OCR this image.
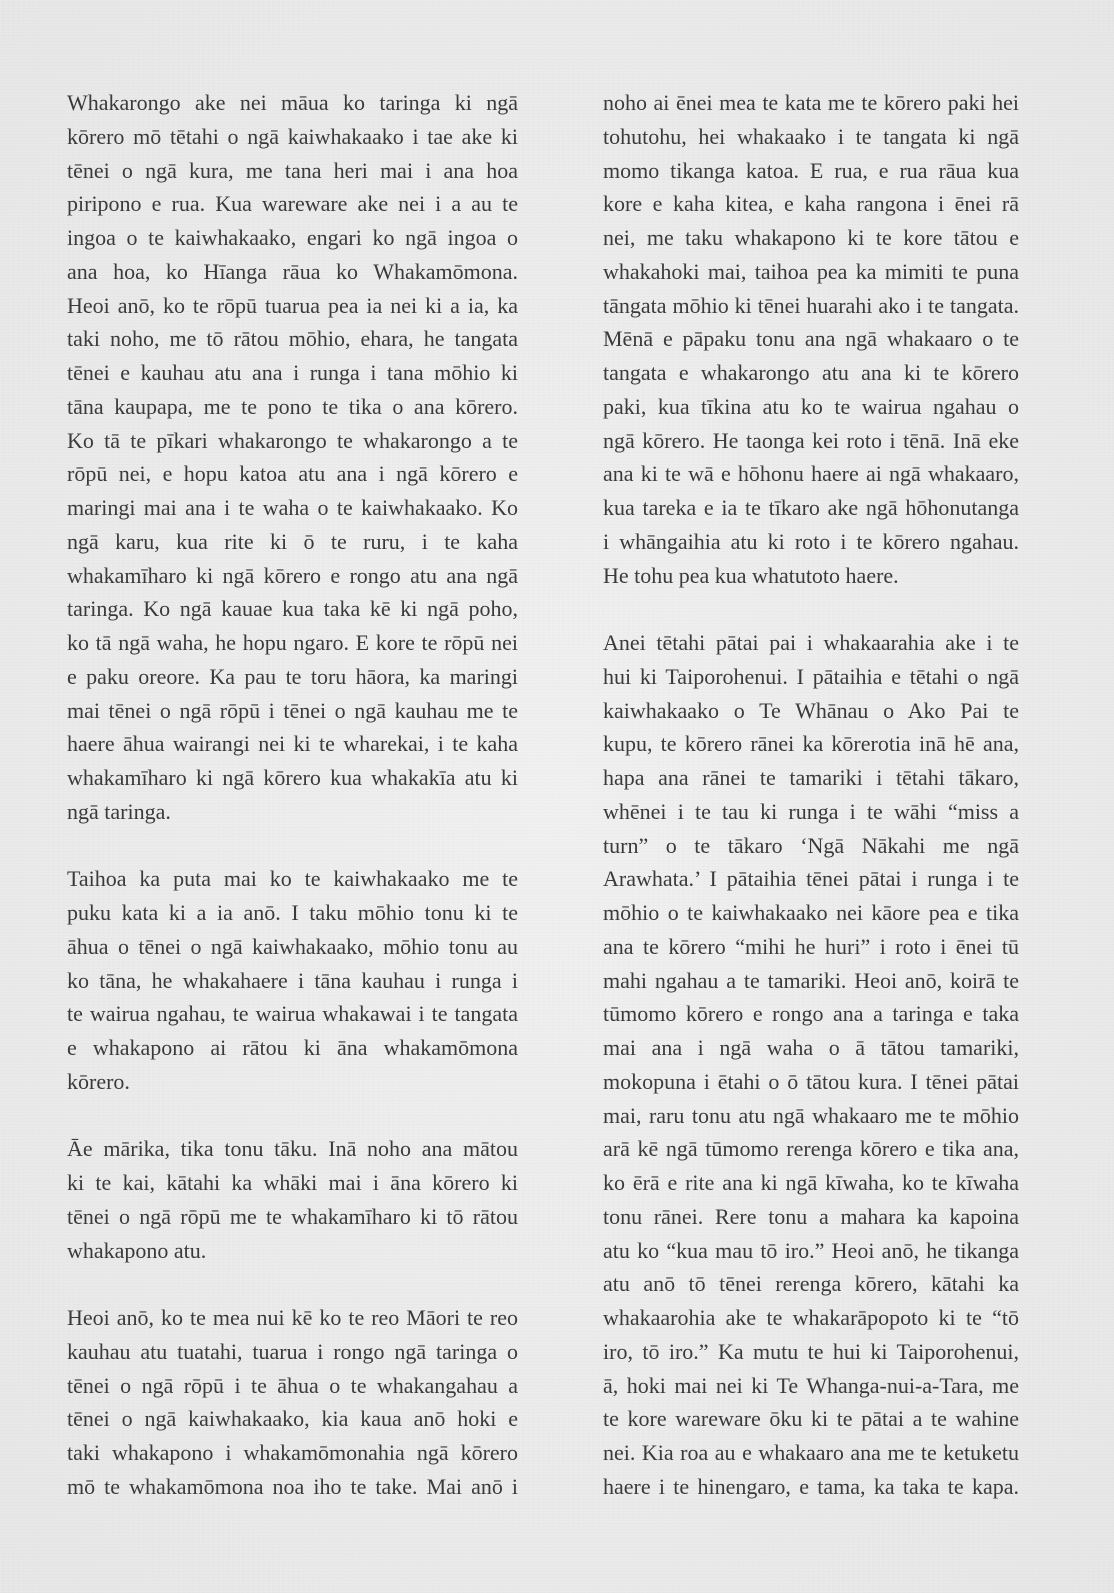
Whakarongo ake nei māua ko taringa ki ngā
kōrero mō tētahi o ngā kaiwhakaako i tae ake ki
tēnei o ngā kura, me tana heri mai i ana hoa
piripono e rua. Kua wareware ake nei i a au te
ingoa o te kaiwhakaako, engari ko ngā ingoa o
ana hoa, ko Hīanga rāua ko Whakamōmona.
Heoi anō, ko te rōpū tuarua pea ia nei ki a ia, ka
taki noho, me tō rātou mōhio, ehara, he tangata
tēnei e kauhau atu ana i runga i tana mōhio ki
tāna kaupapa, me te pono te tika o ana kōrero.
Ko tā te pīkari whakarongo te whakarongo a te
rōpū nei, e hopu katoa atu ana i ngā kōrero e
maringi mai ana i te waha o te kaiwhakaako. Ko
ngā karu, kua rite ki ō te ruru, i te kaha
whakamīharo ki ngā kōrero e rongo atu ana ngā
taringa. Ko ngā kauae kua taka kē ki ngā poho,
ko tā ngā waha, he hopu ngaro. E kore te rōpū nei
e paku oreore. Ka pau te toru hāora, ka maringi
mai tēnei o ngā rōpū i tēnei o ngā kauhau me te
haere āhua wairangi nei ki te wharekai, i te kaha
whakamīharo ki ngā kōrero kua whakakīa atu ki
ngā taringa.
Taihoa ka puta mai ko te kaiwhakaako me te
puku kata ki a ia anō. I taku mōhio tonu ki te
āhua o tēnei o ngā kaiwhakaako, mōhio tonu au
ko tāna, he whakahaere i tāna kauhau i runga i
te wairua ngahau, te wairua whakawai i te tangata
e whakapono ai rātou ki āna whakamōmona
kōrero.
Āe mārika, tika tonu tāku. Inā noho ana mātou
ki te kai, kātahi ka whāki mai i āna kōrero ki
tēnei o ngā rōpū me te whakamīharo ki tō rātou
whakapono atu.
Heoi anō, ko te mea nui kē ko te reo Māori te reo
kauhau atu tuatahi, tuarua i rongo ngā taringa o
tēnei o ngā rōpū i te āhua o te whakangahau a
tēnei o ngā kaiwhakaako, kia kaua anō hoki e
taki whakapono i whakamōmonahia ngā kōrero
mō te whakamōmona noa iho te take. Mai anō i
noho ai ēnei mea te kata me te kōrero paki hei
tohutohu, hei whakaako i te tangata ki ngā
momo tikanga katoa. E rua, e rua rāua kua
kore e kaha kitea, e kaha rangona i ēnei rā
nei, me taku whakapono ki te kore tātou e
whakahoki mai, taihoa pea ka mimiti te puna
tāngata mōhio ki tēnei huarahi ako i te tangata.
Mēnā e pāpaku tonu ana ngā whakaaro o te
tangata e whakarongo atu ana ki te kōrero
paki, kua tīkina atu ko te wairua ngahau o
ngā kōrero. He taonga kei roto i tēnā. Inā eke
ana ki te wā e hōhonu haere ai ngā whakaaro,
kua tareka e ia te tīkaro ake ngā hōhonutanga
i whāngaihia atu ki roto i te kōrero ngahau.
He tohu pea kua whatutoto haere.
Anei tētahi pātai pai i whakaarahia ake i te
hui ki Taiporohenui. I pātaihia e tētahi o ngā
kaiwhakaako o Te Whānau o Ako Pai te
kupu, te kōrero rānei ka kōrerotia inā hē ana,
hapa ana rānei te tamariki i tētahi tākaro,
whēnei i te tau ki runga i te wāhi “miss a
turn” o te tākaro ‘Ngā Nākahi me ngā
Arawhata.’ I pātaihia tēnei pātai i runga i te
mōhio o te kaiwhakaako nei kāore pea e tika
ana te kōrero “mihi he huri” i roto i ēnei tū
mahi ngahau a te tamariki. Heoi anō, koirā te
tūmomo kōrero e rongo ana a taringa e taka
mai ana i ngā waha o ā tātou tamariki,
mokopuna i ētahi o ō tātou kura. I tēnei pātai
mai, raru tonu atu ngā whakaaro me te mōhio
arā kē ngā tūmomo rerenga kōrero e tika ana,
ko ērā e rite ana ki ngā kīwaha, ko te kīwaha
tonu rānei. Rere tonu a mahara ka kapoina
atu ko “kua mau tō iro.” Heoi anō, he tikanga
atu anō tō tēnei rerenga kōrero, kātahi ka
whakaarohia ake te whakarāpopoto ki te “tō
iro, tō iro.” Ka mutu te hui ki Taiporohenui,
ā, hoki mai nei ki Te Whanga-nui-a-Tara, me
te kore wareware ōku ki te pātai a te wahine
nei. Kia roa au e whakaaro ana me te ketuketu
haere i te hinengaro, e tama, ka taka te kapa.
